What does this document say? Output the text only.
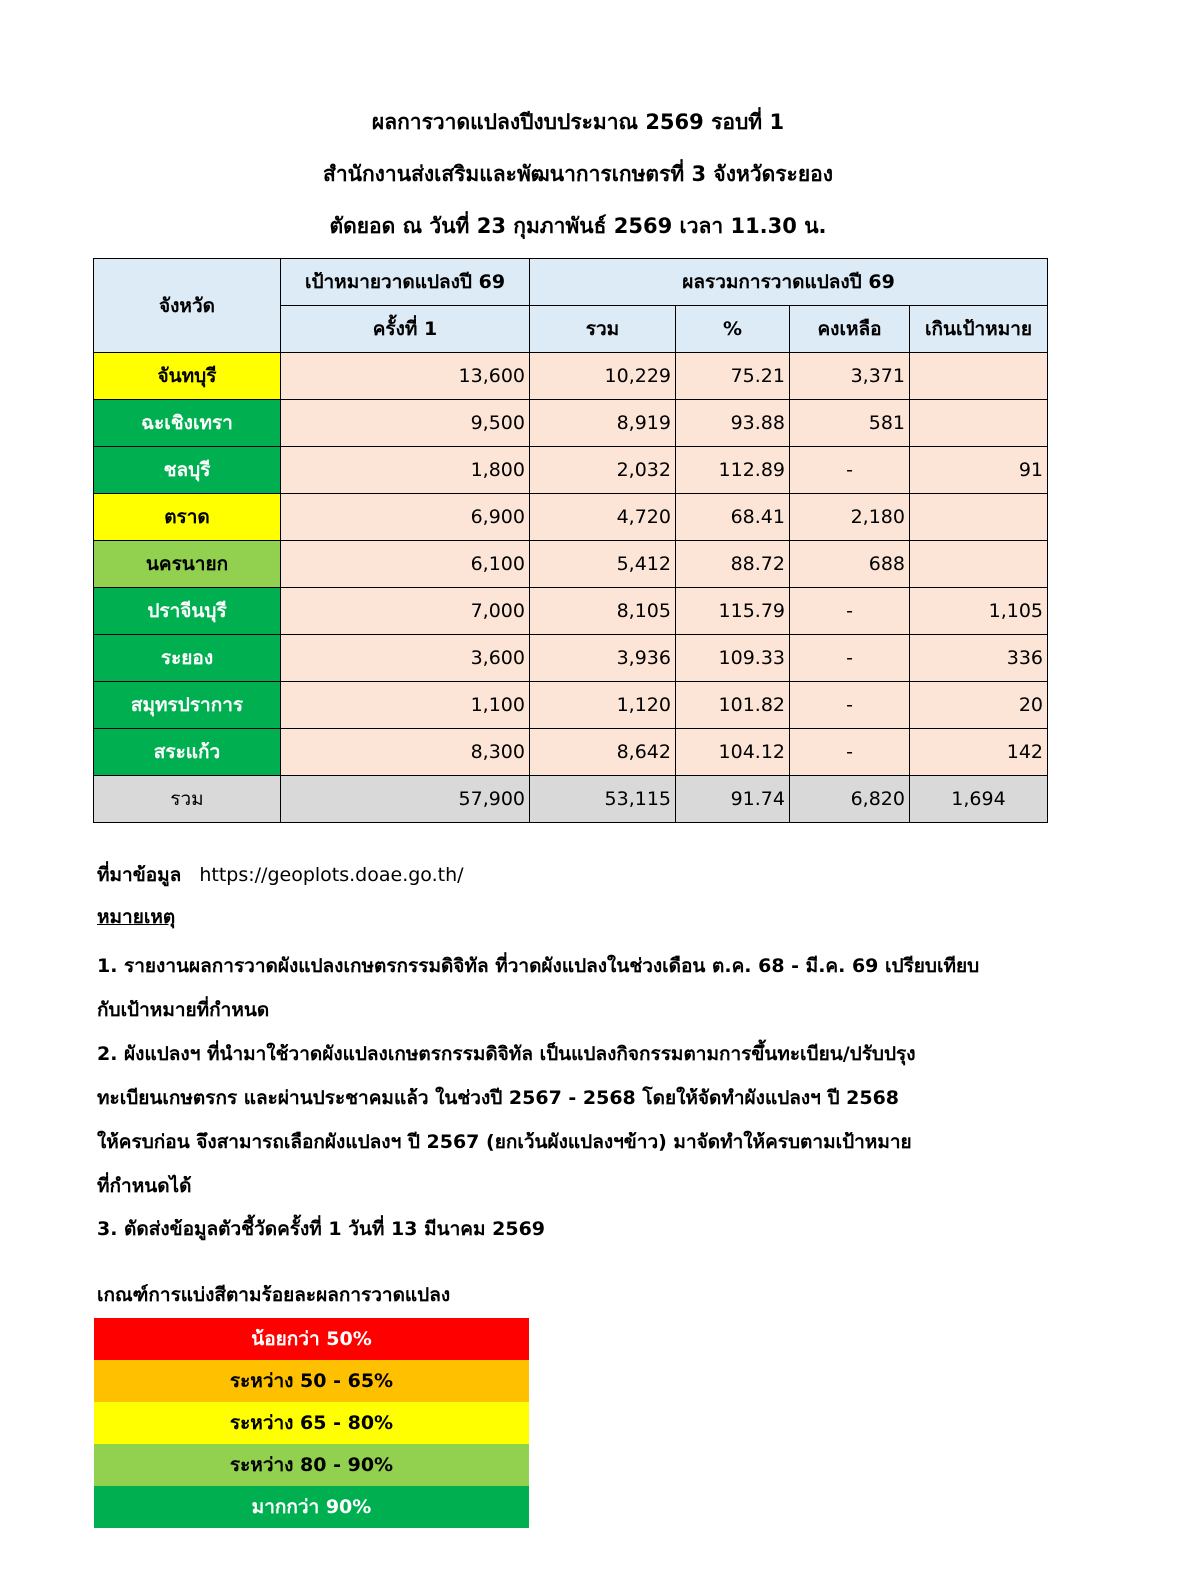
ผลการวาดแปลงปีงบประมาณ 2569 รอบที่ 1
สำนักงานส่งเสริมและพัฒนาการเกษตรที่ 3 จังหวัดระยอง
ตัดยอด ณ วันที่ 23 กุมภาพันธ์ 2569 เวลา 11.30 น.
จังหวัด	เป้าหมายวาดแปลงปี 69	ผลรวมการวาดแปลงปี 69			
	ครั้งที่ 1	รวม	%	คงเหลือ	เกินเป้าหมาย
จันทบุรี	13,600	10,229	75.21	3,371	
ฉะเชิงเทรา	9,500	8,919	93.88	581	
ชลบุรี	1,800	2,032	112.89	-	91
ตราด	6,900	4,720	68.41	2,180	
นครนายก	6,100	5,412	88.72	688	
ปราจีนบุรี	7,000	8,105	115.79	-	1,105
ระยอง	3,600	3,936	109.33	-	336
สมุทรปราการ	1,100	1,120	101.82	-	20
สระแก้ว	8,300	8,642	104.12	-	142
รวม	57,900	53,115	91.74	6,820	1,694
ที่มาข้อมูล https://geoplots.doae.go.th/
หมายเหตุ
1. รายงานผลการวาดผังแปลงเกษตรกรรมดิจิทัล ที่วาดผังแปลงในช่วงเดือน ต.ค. 68 - มี.ค. 69 เปรียบเทียบ
กับเป้าหมายที่กำหนด
2. ผังแปลงฯ ที่นำมาใช้วาดผังแปลงเกษตรกรรมดิจิทัล เป็นแปลงกิจกรรมตามการขึ้นทะเบียน/ปรับปรุง
ทะเบียนเกษตรกร และผ่านประชาคมแล้ว ในช่วงปี 2567 - 2568 โดยให้จัดทำผังแปลงฯ ปี 2568
ให้ครบก่อน จึงสามารถเลือกผังแปลงฯ ปี 2567 (ยกเว้นผังแปลงฯข้าว) มาจัดทำให้ครบตามเป้าหมาย
ที่กำหนดได้
3. ตัดส่งข้อมูลตัวชี้วัดครั้งที่ 1 วันที่ 13 มีนาคม 2569
เกณฑ์การแบ่งสีตามร้อยละผลการวาดแปลง
น้อยกว่า 50%
ระหว่าง 50 - 65%
ระหว่าง 65 - 80%
ระหว่าง 80 - 90%
มากกว่า 90%
